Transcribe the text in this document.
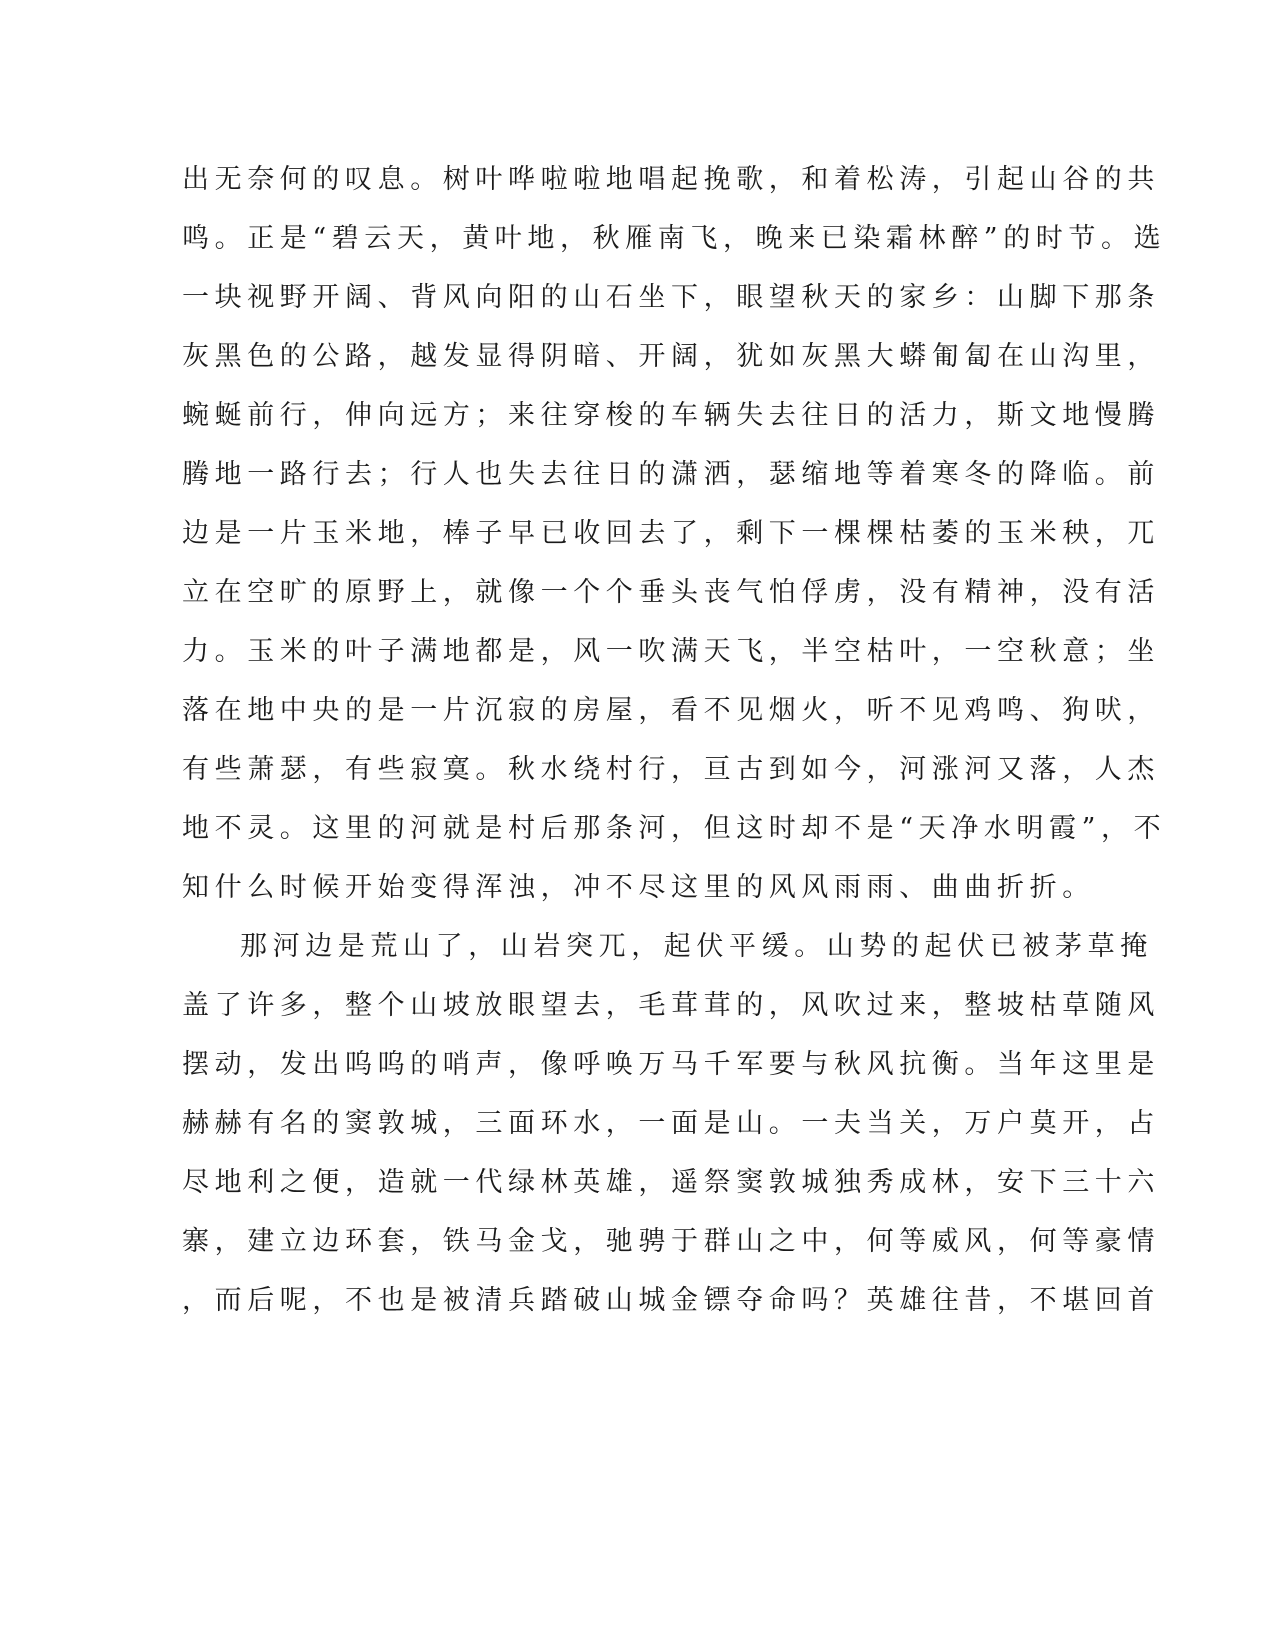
出无奈何的叹息。树叶哗啦啦地唱起挽歌，和着松涛，引起山谷的共
鸣。正是“碧云天，黄叶地，秋雁南飞，晚来已染霜林醉”的时节。选
一块视野开阔、背风向阳的山石坐下，眼望秋天的家乡：山脚下那条
灰黑色的公路，越发显得阴暗、开阔，犹如灰黑大蟒匍匐在山沟里，
蜿蜒前行，伸向远方；来往穿梭的车辆失去往日的活力，斯文地慢腾
腾地一路行去；行人也失去往日的潇洒，瑟缩地等着寒冬的降临。前
边是一片玉米地，棒子早已收回去了，剩下一棵棵枯萎的玉米秧，兀
立在空旷的原野上，就像一个个垂头丧气怕俘虏，没有精神，没有活
力。玉米的叶子满地都是，风一吹满天飞，半空枯叶，一空秋意；坐
落在地中央的是一片沉寂的房屋，看不见烟火，听不见鸡鸣、狗吠，
有些萧瑟，有些寂寞。秋水绕村行，亘古到如今，河涨河又落，人杰
地不灵。这里的河就是村后那条河，但这时却不是“天净水明霞”，不
知什么时候开始变得浑浊，冲不尽这里的风风雨雨、曲曲折折。
那河边是荒山了，山岩突兀，起伏平缓。山势的起伏已被茅草掩
盖了许多，整个山坡放眼望去，毛茸茸的，风吹过来，整坡枯草随风
摆动，发出呜呜的哨声，像呼唤万马千军要与秋风抗衡。当年这里是
赫赫有名的窦敦城，三面环水，一面是山。一夫当关，万户莫开，占
尽地利之便，造就一代绿林英雄，遥祭窦敦城独秀成林，安下三十六
寨，建立边环套，铁马金戈，驰骋于群山之中，何等威风，何等豪情
，而后呢，不也是被清兵踏破山城金镖夺命吗？英雄往昔，不堪回首
